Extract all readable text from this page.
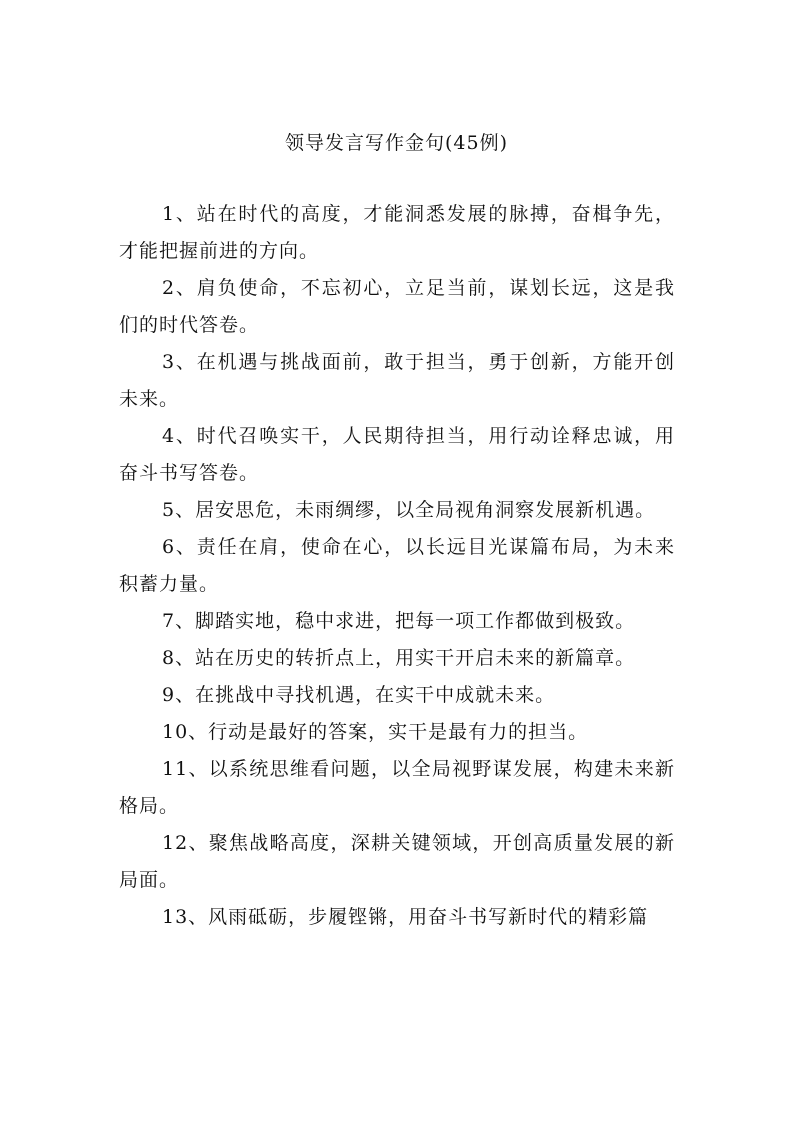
领导发言写作金句(45例)

1、站在时代的高度，才能洞悉发展的脉搏，奋楫争先，才能把握前进的方向。

2、肩负使命，不忘初心，立足当前，谋划长远，这是我们的时代答卷。

3、在机遇与挑战面前，敢于担当，勇于创新，方能开创未来。

4、时代召唤实干，人民期待担当，用行动诠释忠诚，用奋斗书写答卷。

5、居安思危，未雨绸缪，以全局视角洞察发展新机遇。

6、责任在肩，使命在心，以长远目光谋篇布局，为未来积蓄力量。

7、脚踏实地，稳中求进，把每一项工作都做到极致。

8、站在历史的转折点上，用实干开启未来的新篇章。

9、在挑战中寻找机遇，在实干中成就未来。

10、行动是最好的答案，实干是最有力的担当。

11、以系统思维看问题，以全局视野谋发展，构建未来新格局。

12、聚焦战略高度，深耕关键领域，开创高质量发展的新局面。

13、风雨砥砺，步履铿锵，用奋斗书写新时代的精彩篇
